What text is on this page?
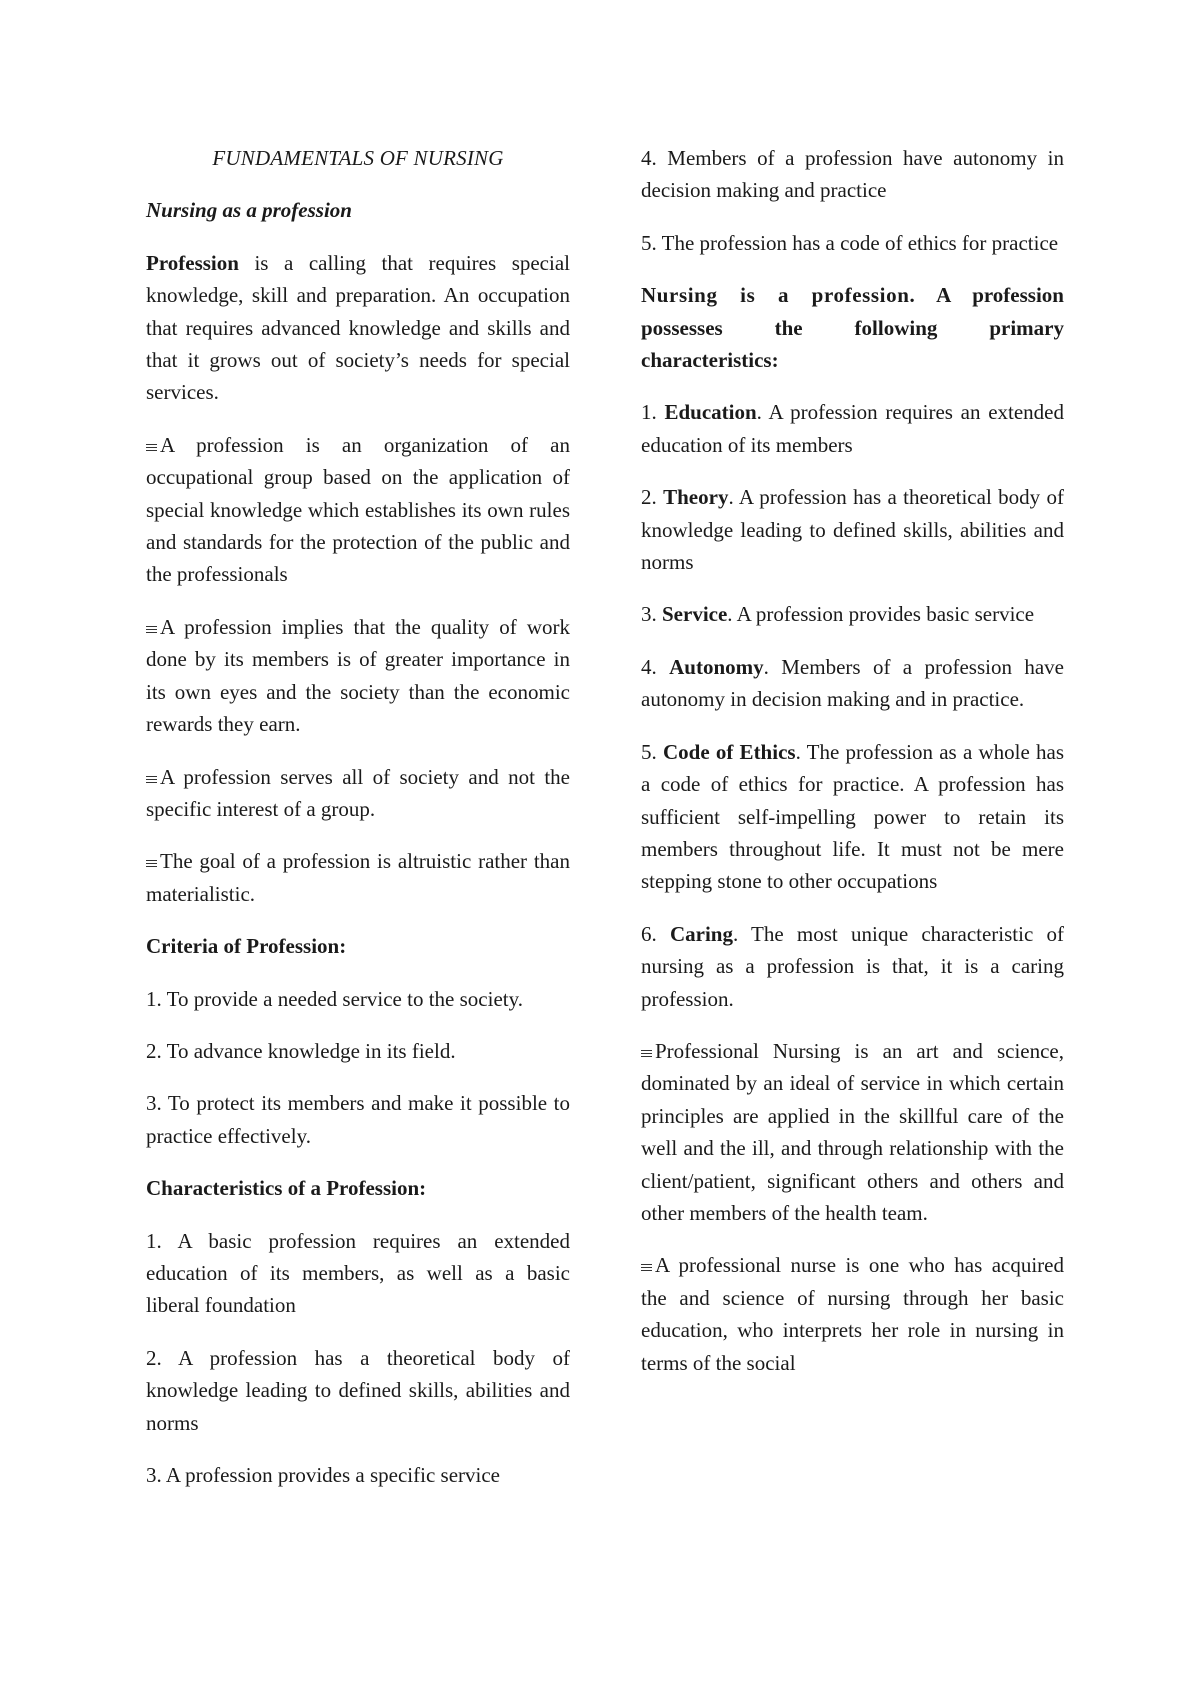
FUNDAMENTALS OF NURSING

Nursing as a profession

Profession is a calling that requires special knowledge, skill and preparation. An occupation that requires advanced knowledge and skills and that it grows out of society’s needs for special services.

A profession is an organization of an occupational group based on the application of special knowledge which establishes its own rules and standards for the protection of the public and the professionals

A profession implies that the quality of work done by its members is of greater importance in its own eyes and the society than the economic rewards they earn.

A profession serves all of society and not the specific interest of a group.

The goal of a profession is altruistic rather than materialistic.

Criteria of Profession:

1. To provide a needed service to the society.

2. To advance knowledge in its field.

3. To protect its members and make it possible to practice effectively.

Characteristics of a Profession:

1. A basic profession requires an extended education of its members, as well as a basic liberal foundation

2. A profession has a theoretical body of knowledge leading to defined skills, abilities and norms

3. A profession provides a specific service

4. Members of a profession have autonomy in decision making and practice

5. The profession has a code of ethics for practice

Nursing is a profession. A profession possesses the following primary characteristics:

1. Education. A profession requires an extended education of its members

2. Theory. A profession has a theoretical body of knowledge leading to defined skills, abilities and norms

3. Service. A profession provides basic service

4. Autonomy. Members of a profession have autonomy in decision making and in practice.

5. Code of Ethics. The profession as a whole has a code of ethics for practice. A profession has sufficient self-impelling power to retain its members throughout life. It must not be mere stepping stone to other occupations

6. Caring. The most unique characteristic of nursing as a profession is that, it is a caring profession.

Professional Nursing is an art and science, dominated by an ideal of service in which certain principles are applied in the skillful care of the well and the ill, and through relationship with the client/patient, significant others and others and other members of the health team.

A professional nurse is one who has acquired the and science of nursing through her basic education, who interprets her role in nursing in terms of the social
